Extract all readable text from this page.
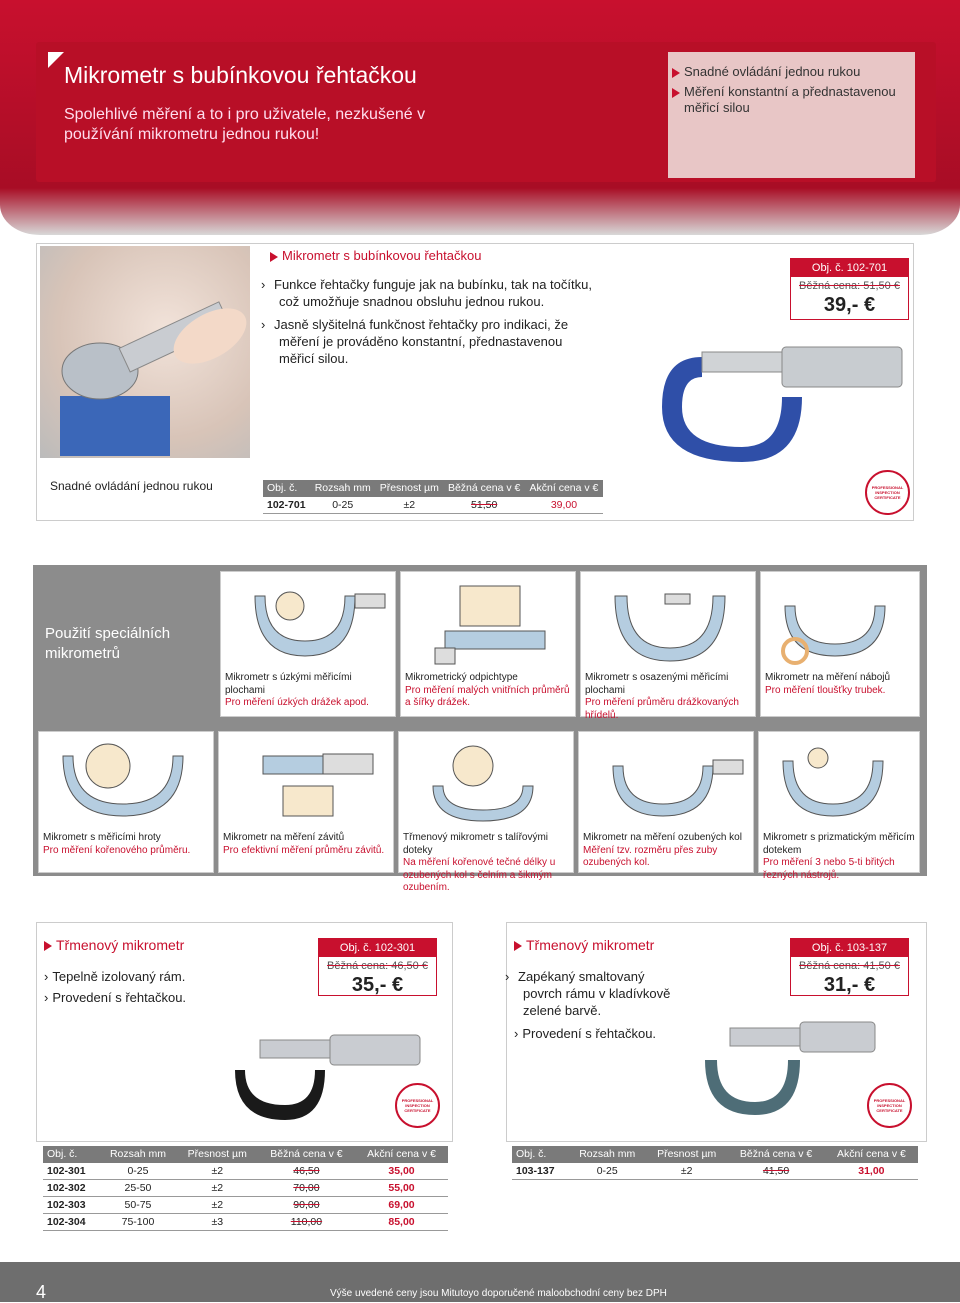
Mikrometr s bubínkovou řehtačkou
Spolehlivé měření a to i pro uživatele, nezkušené v používání mikrometru jednou rukou!
Snadné ovládání jednou rukou
Měření konstantní a přednastavenou měřicí silou
Mikrometr s bubínkovou řehtačkou
› Funkce řehtačky funguje jak na bubínku, tak na točítku, což umožňuje snadnou obsluhu jednou rukou.
› Jasně slyšitelná funkčnost řehtačky pro indikaci, že měření je prováděno konstantní, přednastavenou měřicí silou.
Obj. č. 102-701
Běžná cena: 51,50 €
39,- €
Snadné ovládání jednou rukou	Obj. č.	Rozsah mm	Přesnost µm	Běžná cena v €	Akční cena v €
102-701	0-25	±2	51,50	39,00
PROFESSIONAL INSPECTION CERTIFICATE
Použití speciálních mikrometrů
Mikrometr s úzkými měřicími plochami
Pro měření úzkých drážek apod.
Mikrometrický odpichtype
Pro měření malých vnitřních průměrů a šířky drážek.
Mikrometr s osazenými měřicími plochami
Pro měření průměru drážkovaných hřídelů.
Mikrometr na měření nábojů
Pro měření tloušťky trubek.
Mikrometr s měřicími hroty
Pro měření kořenového průměru.
Mikrometr na měření závitů
Pro efektivní měření průměru závitů.
Třmenový mikrometr s talířovými doteky
Na měření kořenové tečné délky u ozubených kol s čelním a šikmým ozubením.
Mikrometr na měření ozubených kol
Měření tzv. rozměru přes zuby ozubených kol.
Mikrometr s prizmatickým měřicím dotekem
Pro měření 3 nebo 5-ti břitých řezných nástrojů.
Třmenový mikrometr
› Tepelně izolovaný rám.
› Provedení s řehtačkou.
Obj. č. 102-301
Běžná cena: 46,50 €
35,- €
PROFESSIONAL INSPECTION CERTIFICATE
Obj. č.	Rozsah mm	Přesnost µm	Běžná cena v €	Akční cena v €
102-301	0-25	±2	46,50	35,00
102-302	25-50	±2	70,00	55,00
102-303	50-75	±2	90,00	69,00
102-304	75-100	±3	110,00	85,00
Třmenový mikrometr
› Zapékaný smaltovaný povrch rámu v kladívkově zelené barvě.
› Provedení s řehtačkou.
Obj. č. 103-137
Běžná cena: 41,50 €
31,- €
PROFESSIONAL INSPECTION CERTIFICATE
Obj. č.	Rozsah mm	Přesnost µm	Běžná cena v €	Akční cena v €
103-137	0-25	±2	41,50	31,00
4	Výše uvedené ceny jsou Mitutoyo doporučené maloobchodní ceny bez DPH
